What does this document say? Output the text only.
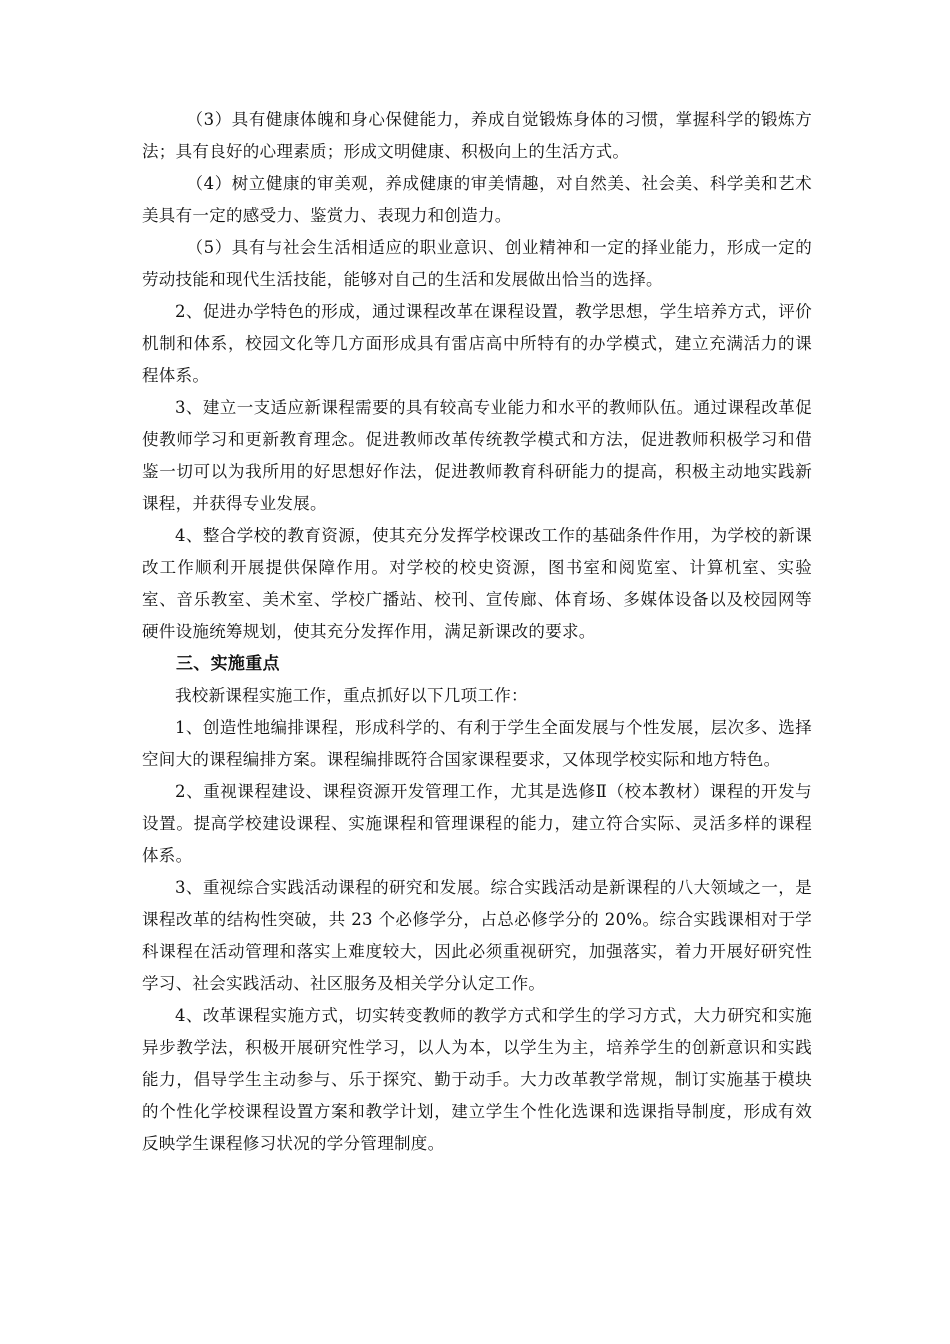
（3）具有健康体魄和身心保健能力，养成自觉锻炼身体的习惯，掌握科学的锻炼方法；具有良好的心理素质；形成文明健康、积极向上的生活方式。

（4）树立健康的审美观，养成健康的审美情趣，对自然美、社会美、科学美和艺术美具有一定的感受力、鉴赏力、表现力和创造力。

（5）具有与社会生活相适应的职业意识、创业精神和一定的择业能力，形成一定的劳动技能和现代生活技能，能够对自己的生活和发展做出恰当的选择。

2、促进办学特色的形成，通过课程改革在课程设置，教学思想，学生培养方式，评价机制和体系，校园文化等几方面形成具有雷店高中所特有的办学模式，建立充满活力的课程体系。

3、建立一支适应新课程需要的具有较高专业能力和水平的教师队伍。通过课程改革促使教师学习和更新教育理念。促进教师改革传统教学模式和方法，促进教师积极学习和借鉴一切可以为我所用的好思想好作法，促进教师教育科研能力的提高，积极主动地实践新课程，并获得专业发展。

4、整合学校的教育资源，使其充分发挥学校课改工作的基础条件作用，为学校的新课改工作顺利开展提供保障作用。对学校的校史资源，图书室和阅览室、计算机室、实验室、音乐教室、美术室、学校广播站、校刊、宣传廊、体育场、多媒体设备以及校园网等硬件设施统筹规划，使其充分发挥作用，满足新课改的要求。

三、实施重点

我校新课程实施工作，重点抓好以下几项工作：

1、创造性地编排课程，形成科学的、有利于学生全面发展与个性发展，层次多、选择空间大的课程编排方案。课程编排既符合国家课程要求，又体现学校实际和地方特色。

2、重视课程建设、课程资源开发管理工作，尤其是选修Ⅱ（校本教材）课程的开发与设置。提高学校建设课程、实施课程和管理课程的能力，建立符合实际、灵活多样的课程体系。

3、重视综合实践活动课程的研究和发展。综合实践活动是新课程的八大领域之一，是课程改革的结构性突破，共 23 个必修学分，占总必修学分的 20%。综合实践课相对于学科课程在活动管理和落实上难度较大，因此必须重视研究，加强落实，着力开展好研究性学习、社会实践活动、社区服务及相关学分认定工作。

4、改革课程实施方式，切实转变教师的教学方式和学生的学习方式，大力研究和实施异步教学法，积极开展研究性学习，以人为本，以学生为主，培养学生的创新意识和实践能力，倡导学生主动参与、乐于探究、勤于动手。大力改革教学常规，制订实施基于模块的个性化学校课程设置方案和教学计划，建立学生个性化选课和选课指导制度，形成有效反映学生课程修习状况的学分管理制度。
